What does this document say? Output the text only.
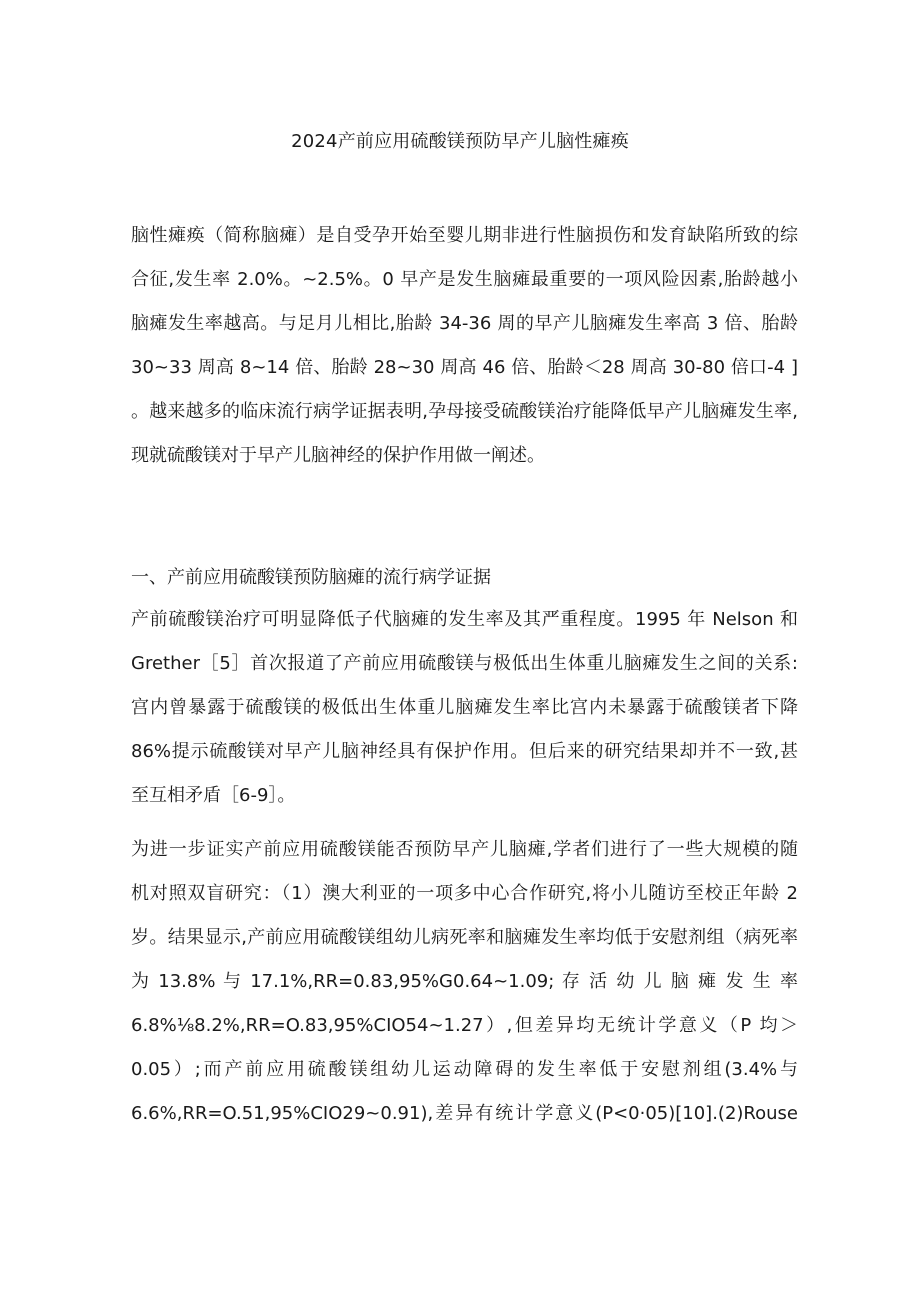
2024产前应用硫酸镁预防早产儿脑性瘫痪
脑性瘫痪（简称脑瘫）是自受孕开始至婴儿期非进行性脑损伤和发育缺陷所致的综
合征,发生率 2.0%。~2.5%。0 早产是发生脑瘫最重要的一项风险因素,胎龄越小
脑瘫发生率越高。与足月儿相比,胎龄 34-36 周的早产儿脑瘫发生率高 3 倍、胎龄
30~33 周高 8~14 倍、胎龄 28~30 周高 46 倍、胎龄＜28 周高 30-80 倍口-4 ]
。越来越多的临床流行病学证据表明,孕母接受硫酸镁治疗能降低早产儿脑瘫发生率,
现就硫酸镁对于早产儿脑神经的保护作用做一阐述。
一、产前应用硫酸镁预防脑瘫的流行病学证据
产前硫酸镁治疗可明显降低子代脑瘫的发生率及其严重程度。1995 年 Nelson 和
Grether［5］首次报道了产前应用硫酸镁与极低出生体重儿脑瘫发生之间的关系:
宫内曾暴露于硫酸镁的极低出生体重儿脑瘫发生率比宫内未暴露于硫酸镁者下降
86%提示硫酸镁对早产儿脑神经具有保护作用。但后来的研究结果却并不一致,甚
至互相矛盾［6-9］。
为进一步证实产前应用硫酸镁能否预防早产儿脑瘫,学者们进行了一些大规模的随
机对照双盲研究：（1）澳大利亚的一项多中心合作研究,将小儿随访至校正年龄 2
岁。结果显示,产前应用硫酸镁组幼儿病死率和脑瘫发生率均低于安慰剂组（病死率
为 13.8% 与 17.1%,RR=0.83,95%G0.64~1.09; 存 活 幼 儿 脑 瘫 发 生 率
6.8%⅛8.2%,RR=O.83,95%CIO54~1.27）,但差异均无统计学意义（P 均＞
0.05）;而产前应用硫酸镁组幼儿运动障碍的发生率低于安慰剂组(3.4%与
6.6%,RR=O.51,95%CIO29~0.91),差异有统计学意义(P<0·05)[10].(2)Rouse
